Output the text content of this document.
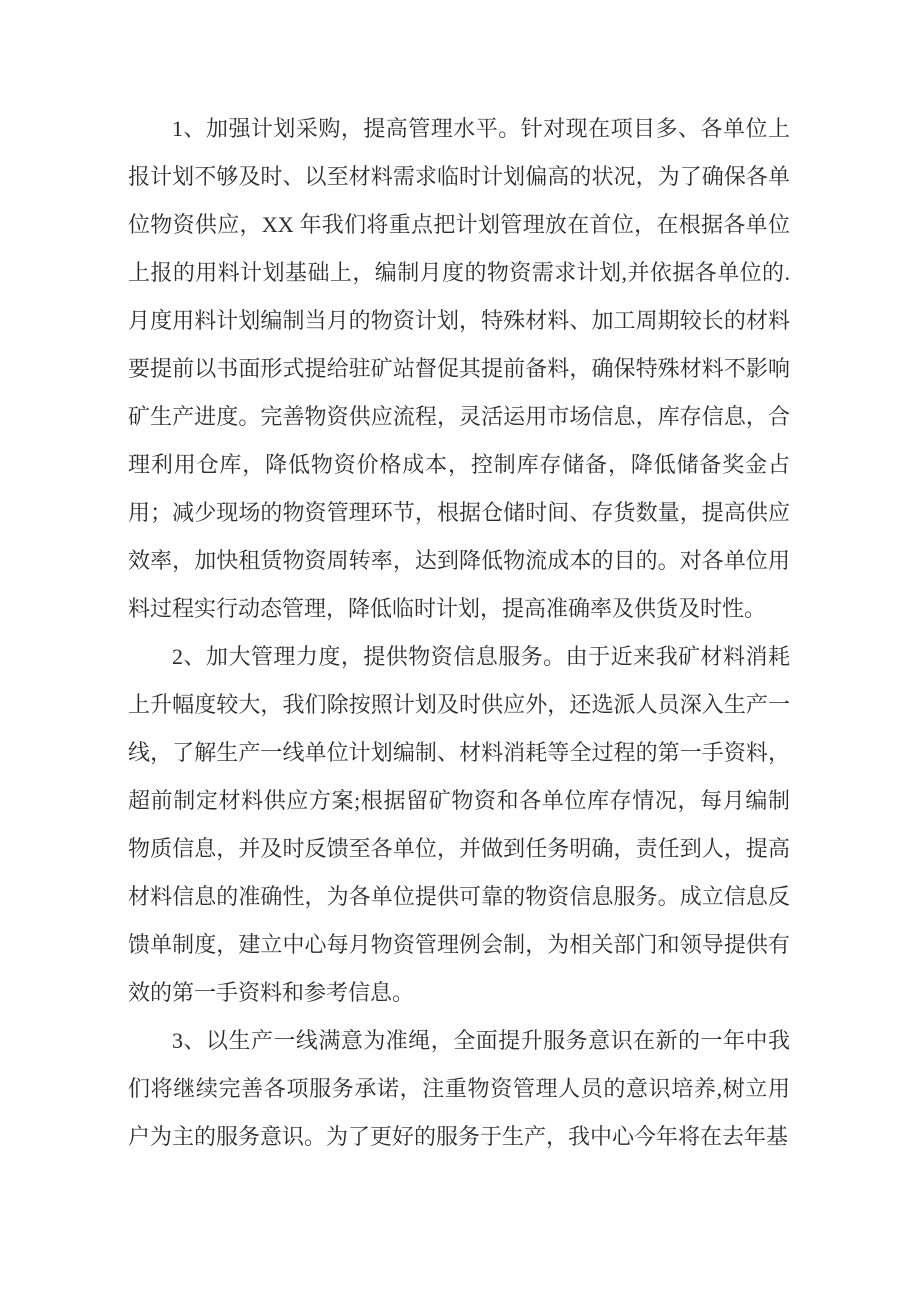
1、加强计划采购，提高管理水平。针对现在项目多、各单位上
报计划不够及时、以至材料需求临时计划偏高的状况，为了确保各单
位物资供应，XX 年我们将重点把计划管理放在首位，在根据各单位
上报的用料计划基础上，编制月度的物资需求计划,并依据各单位的.
月度用料计划编制当月的物资计划，特殊材料、加工周期较长的材料
要提前以书面形式提给驻矿站督促其提前备料，确保特殊材料不影响
矿生产进度。完善物资供应流程，灵活运用市场信息，库存信息，合
理利用仓库，降低物资价格成本，控制库存储备，降低储备奖金占
用；减少现场的物资管理环节，根据仓储时间、存货数量，提高供应
效率，加快租赁物资周转率，达到降低物流成本的目的。对各单位用
料过程实行动态管理，降低临时计划，提高准确率及供货及时性。
2、加大管理力度，提供物资信息服务。由于近来我矿材料消耗
上升幅度较大，我们除按照计划及时供应外，还选派人员深入生产一
线，了解生产一线单位计划编制、材料消耗等全过程的第一手资料，
超前制定材料供应方案;根据留矿物资和各单位库存情况，每月编制
物质信息，并及时反馈至各单位，并做到任务明确，责任到人，提高
材料信息的准确性，为各单位提供可靠的物资信息服务。成立信息反
馈单制度，建立中心每月物资管理例会制，为相关部门和领导提供有
效的第一手资料和参考信息。
3、以生产一线满意为准绳，全面提升服务意识在新的一年中我
们将继续完善各项服务承诺，注重物资管理人员的意识培养,树立用
户为主的服务意识。为了更好的服务于生产，我中心今年将在去年基
